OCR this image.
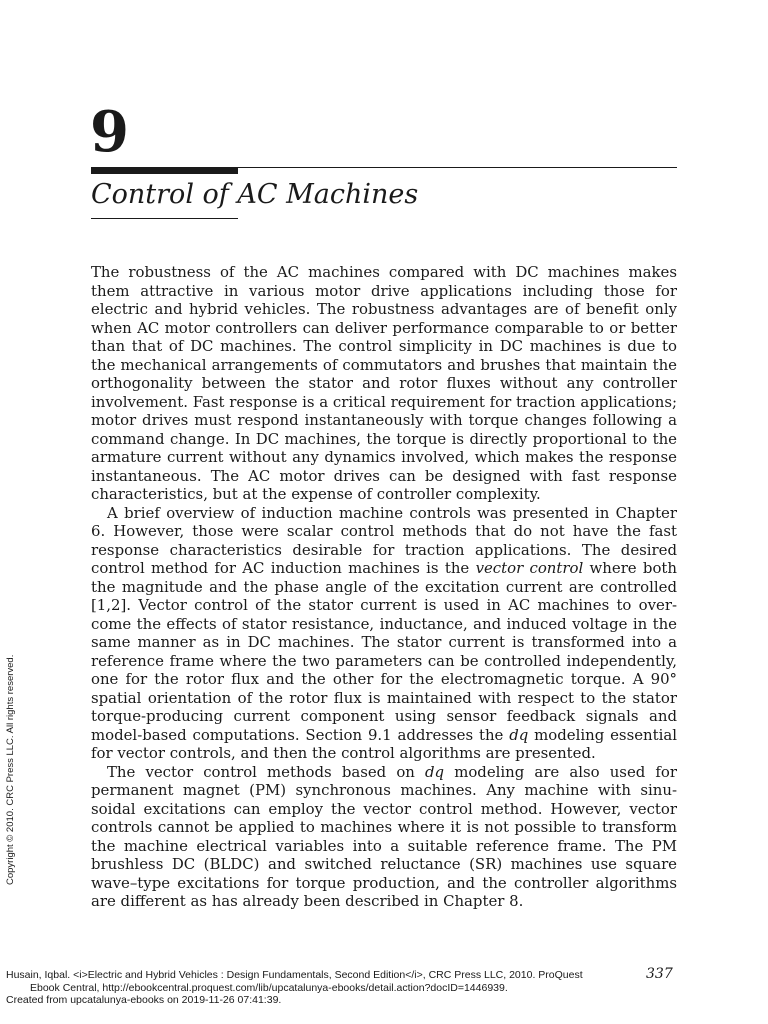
9
Control of AC Machines

The robustness of the AC machines compared with DC machines makes them attractive in various motor drive applications including those for electric and hybrid vehicles. The robustness advantages are of benefit only when AC motor controllers can deliver performance comparable to or better than that of DC machines. The control simplicity in DC machines is due to the mechanical arrangements of commutators and brushes that maintain the orthogonality between the stator and rotor fluxes without any controller involvement. Fast response is a critical requirement for traction applications; motor drives must respond instantaneously with torque changes following a command change. In DC machines, the torque is directly proportional to the armature current without any dynamics involved, which makes the response instantaneous. The AC motor drives can be designed with fast response characteristics, but at the expense of controller complexity.

A brief overview of induction machine controls was presented in Chapter 6. However, those were scalar control methods that do not have the fast response characteristics desirable for traction applications. The desired control method for AC induction machines is the vector control where both the magnitude and the phase angle of the excitation current are controlled [1,2]. Vector control of the stator current is used in AC machines to overcome the effects of stator resistance, inductance, and induced voltage in the same manner as in DC machines. The stator current is transformed into a reference frame where the two parameters can be controlled independently, one for the rotor flux and the other for the electromagnetic torque. A 90° spatial orientation of the rotor flux is maintained with respect to the stator torque-producing current component using sensor feedback signals and model-based computations. Section 9.1 addresses the dq modeling essential for vector controls, and then the control algorithms are presented.

The vector control methods based on dq modeling are also used for permanent magnet (PM) synchronous machines. Any machine with sinusoidal excitations can employ the vector control method. However, vector controls cannot be applied to machines where it is not possible to transform the machine electrical variables into a suitable reference frame. The PM brushless DC (BLDC) and switched reluctance (SR) machines use square wave–type excitations for torque production, and the controller algorithms are different as has already been described in Chapter 8.

Copyright © 2010. CRC Press LLC. All rights reserved.
337
Husain, Iqbal. <i>Electric and Hybrid Vehicles : Design Fundamentals, Second Edition</i>, CRC Press LLC, 2010. ProQuest
Ebook Central, http://ebookcentral.proquest.com/lib/upcatalunya-ebooks/detail.action?docID=1446939.
Created from upcatalunya-ebooks on 2019-11-26 07:41:39.
